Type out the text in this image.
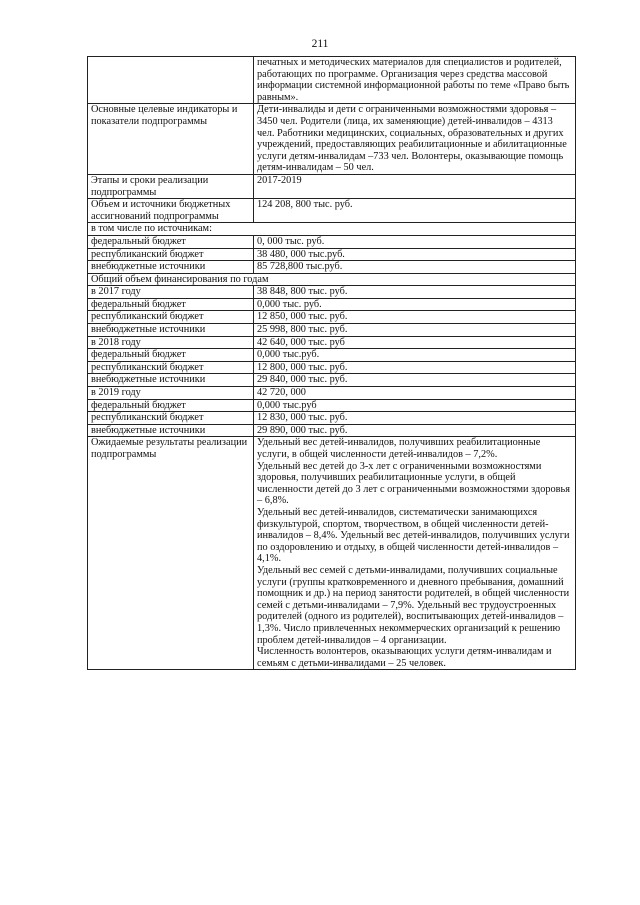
211

	печатных и методических материалов для специалистов и родителей, работающих по программе. Организация через средства массовой информации системной информационной работы по теме «Право быть равным».

Основные целевые индикаторы и показатели подпрограммы	Дети-инвалиды и дети с ограниченными возможностями здоровья – 3450 чел. Родители (лица, их заменяющие) детей-инвалидов – 4313 чел. Работники медицинских, социальных, образовательных и других учреждений, предоставляющих реабилитационные и абилитационные услуги детям-инвалидам –733 чел. Волонтеры, оказывающие помощь детям-инвалидам – 50 чел.

Этапы и сроки реализации подпрограммы	2017-2019

Объем и источники бюджетных ассигнований подпрограммы	124 208, 800 тыс. руб.

в том числе по источникам:	
федеральный бюджет	0, 000 тыс. руб.

республиканский бюджет	38 480, 000 тыс.руб.

внебюджетные источники	85 728,800 тыс.руб.

Общий объем финансирования по годам	
в 2017 году	38 848, 800 тыс. руб.

федеральный бюджет	0,000 тыс. руб.

республиканский бюджет	12 850, 000 тыс. руб.

внебюджетные источники	25 998, 800 тыс. руб.

в 2018 году	42 640, 000 тыс. руб

федеральный бюджет	0,000 тыс.руб.

республиканский бюджет	12 800, 000 тыс. руб.

внебюджетные источники	29 840, 000 тыс. руб.

в 2019 году	42 720, 000

федеральный бюджет	0,000 тыс.руб

республиканский бюджет	12 830, 000 тыс. руб.

внебюджетные источники	29 890, 000 тыс. руб.

Ожидаемые результаты реализации подпрограммы	Удельный вес детей-инвалидов, получивших реабилитационные услуги, в общей численности детей-инвалидов – 7,2%.
Удельный вес детей до 3-х лет с ограниченными возможностями здоровья, получивших реабилитационные услуги, в общей численности детей до 3 лет с ограниченными возможностями здоровья – 6,8%.
Удельный вес детей-инвалидов, систематически занимающихся физкультурой, спортом, творчеством, в общей численности детей-инвалидов – 8,4%. Удельный вес детей-инвалидов, получивших услуги по оздоровлению и отдыху, в общей численности детей-инвалидов – 4,1%.
Удельный вес семей с детьми-инвалидами, получивших социальные услуги (группы кратковременного и дневного пребывания, домашний помощник и др.) на период занятости родителей, в общей численности семей с детьми-инвалидами – 7,9%. Удельный вес трудоустроенных родителей (одного из родителей), воспитывающих детей-инвалидов –1,3%. Число привлеченных некоммерческих организаций к решению проблем детей-инвалидов – 4 организации.
Численность волонтеров, оказывающих услуги детям-инвалидам и семьям с детьми-инвалидами – 25 человек.
